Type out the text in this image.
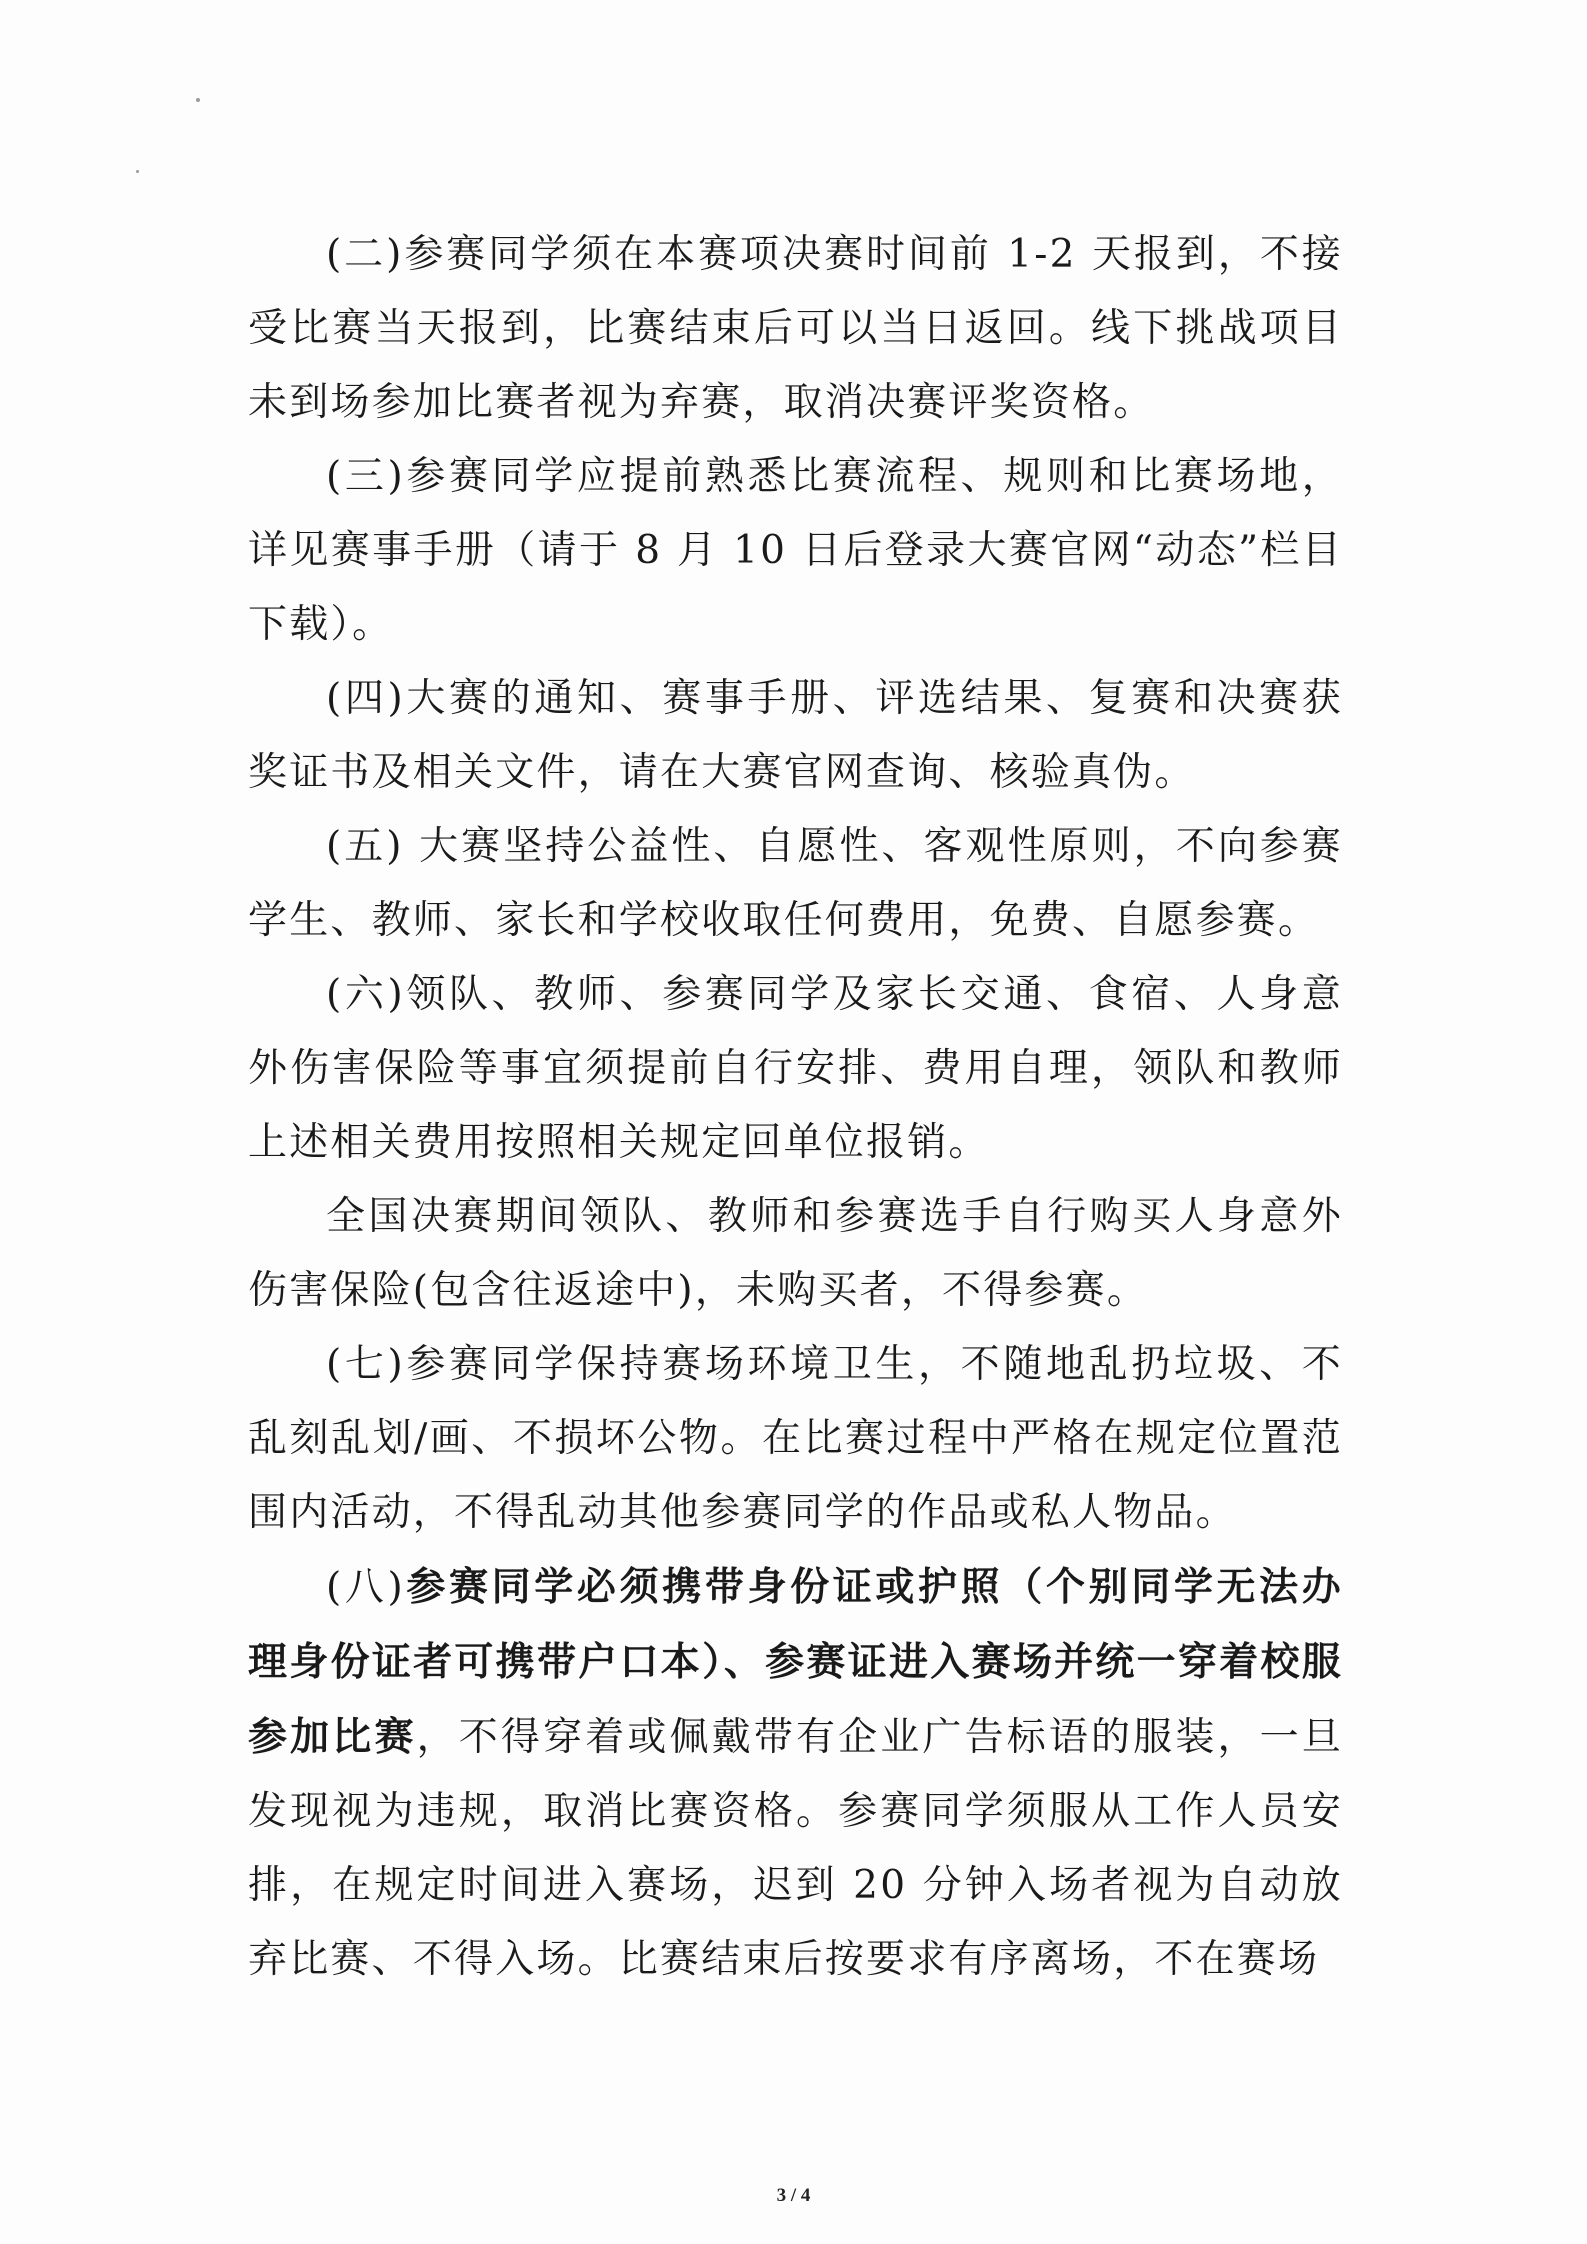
(二)参赛同学须在本赛项决赛时间前 1-2 天报到，不接受比赛当天报到，比赛结束后可以当日返回。线下挑战项目未到场参加比赛者视为弃赛，取消决赛评奖资格。

(三)参赛同学应提前熟悉比赛流程、规则和比赛场地，详见赛事手册（请于 8 月 10 日后登录大赛官网“动态”栏目下载）。

(四)大赛的通知、赛事手册、评选结果、复赛和决赛获奖证书及相关文件，请在大赛官网查询、核验真伪。

(五) 大赛坚持公益性、自愿性、客观性原则，不向参赛学生、教师、家长和学校收取任何费用，免费、自愿参赛。

(六)领队、教师、参赛同学及家长交通、食宿、人身意外伤害保险等事宜须提前自行安排、费用自理，领队和教师上述相关费用按照相关规定回单位报销。

全国决赛期间领队、教师和参赛选手自行购买人身意外伤害保险(包含往返途中)，未购买者，不得参赛。

(七)参赛同学保持赛场环境卫生，不随地乱扔垃圾、不乱刻乱划/画、不损坏公物。在比赛过程中严格在规定位置范围内活动，不得乱动其他参赛同学的作品或私人物品。

(八)参赛同学必须携带身份证或护照（个别同学无法办理身份证者可携带户口本）、参赛证进入赛场并统一穿着校服参加比赛，不得穿着或佩戴带有企业广告标语的服装，一旦发现视为违规，取消比赛资格。参赛同学须服从工作人员安排，在规定时间进入赛场，迟到 20 分钟入场者视为自动放弃比赛、不得入场。比赛结束后按要求有序离场，不在赛场

3 / 4
